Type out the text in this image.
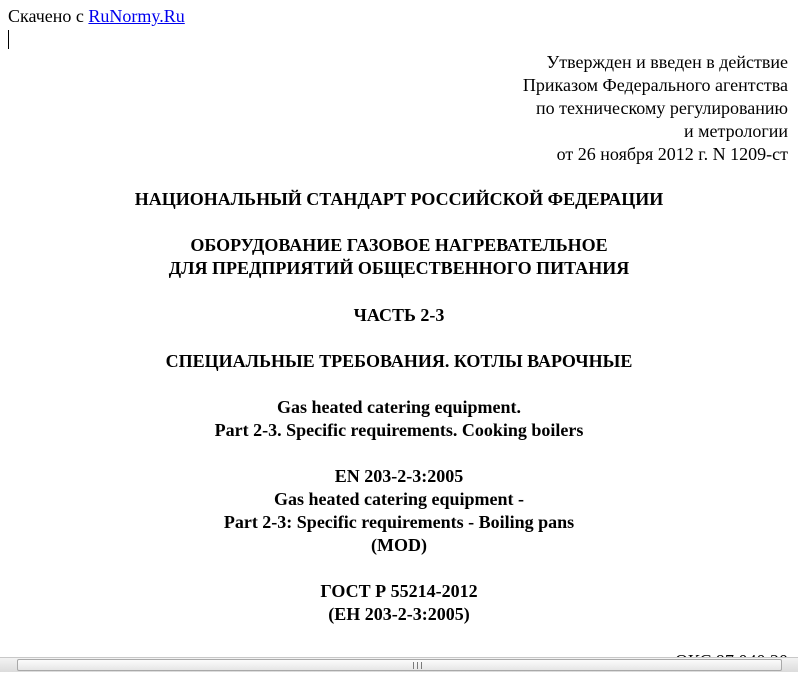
Скачено с RuNormy.Ru
Утвержден и введен в действие
Приказом Федерального агентства
по техническому регулированию
и метрологии
от 26 ноября 2012 г. N 1209-ст
НАЦИОНАЛЬНЫЙ СТАНДАРТ РОССИЙСКОЙ ФЕДЕРАЦИИ
ОБОРУДОВАНИЕ ГАЗОВОЕ НАГРЕВАТЕЛЬНОЕ
ДЛЯ ПРЕДПРИЯТИЙ ОБЩЕСТВЕННОГО ПИТАНИЯ
ЧАСТЬ 2-3
СПЕЦИАЛЬНЫЕ ТРЕБОВАНИЯ. КОТЛЫ ВАРОЧНЫЕ
Gas heated catering equipment.
Part 2-3. Specific requirements. Cooking boilers
EN 203-2-3:2005
Gas heated catering equipment -
Part 2-3: Specific requirements - Boiling pans
(MOD)
ГОСТ Р 55214-2012
(ЕН 203-2-3:2005)
